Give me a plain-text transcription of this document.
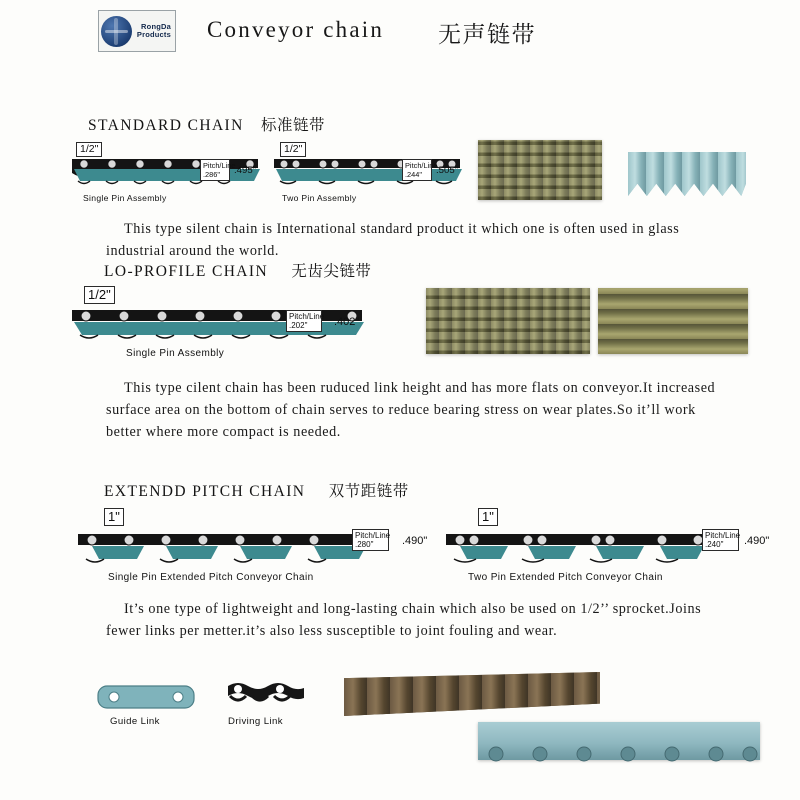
RongDa Products Conveyor chain 无声链带
STANDARD CHAIN 标准链带
1/2"
Pitch/Line
.286"	.495"
Single Pin Assembly
1/2"
Pitch/Line
.244"	.505"
Two Pin Assembly

This type silent chain is International standard product it which one is often used in glass industrial around the world.

LO-PROFILE CHAIN 无齿尖链带
1/2"
Pitch/Line
.202"	.402"
Single Pin Assembly

This type cilent chain has been ruduced link height and has more flats on conveyor.It increased surface area on the bottom of chain serves to reduce bearing stress on wear plates.So it’ll work better where more compact is needed.

EXTENDD PITCH CHAIN 双节距链带
1"
Pitch/Line
.280"	.490"
Single Pin Extended Pitch Conveyor Chain
1"
Pitch/Line
.240"	.490"
Two Pin Extended Pitch Conveyor Chain

It’s one type of lightweight and long-lasting chain which also be used on 1/2’’ sprocket.Joins fewer links per metter.it’s also less susceptible to joint fouling and wear.

Guide Link	Driving Link
